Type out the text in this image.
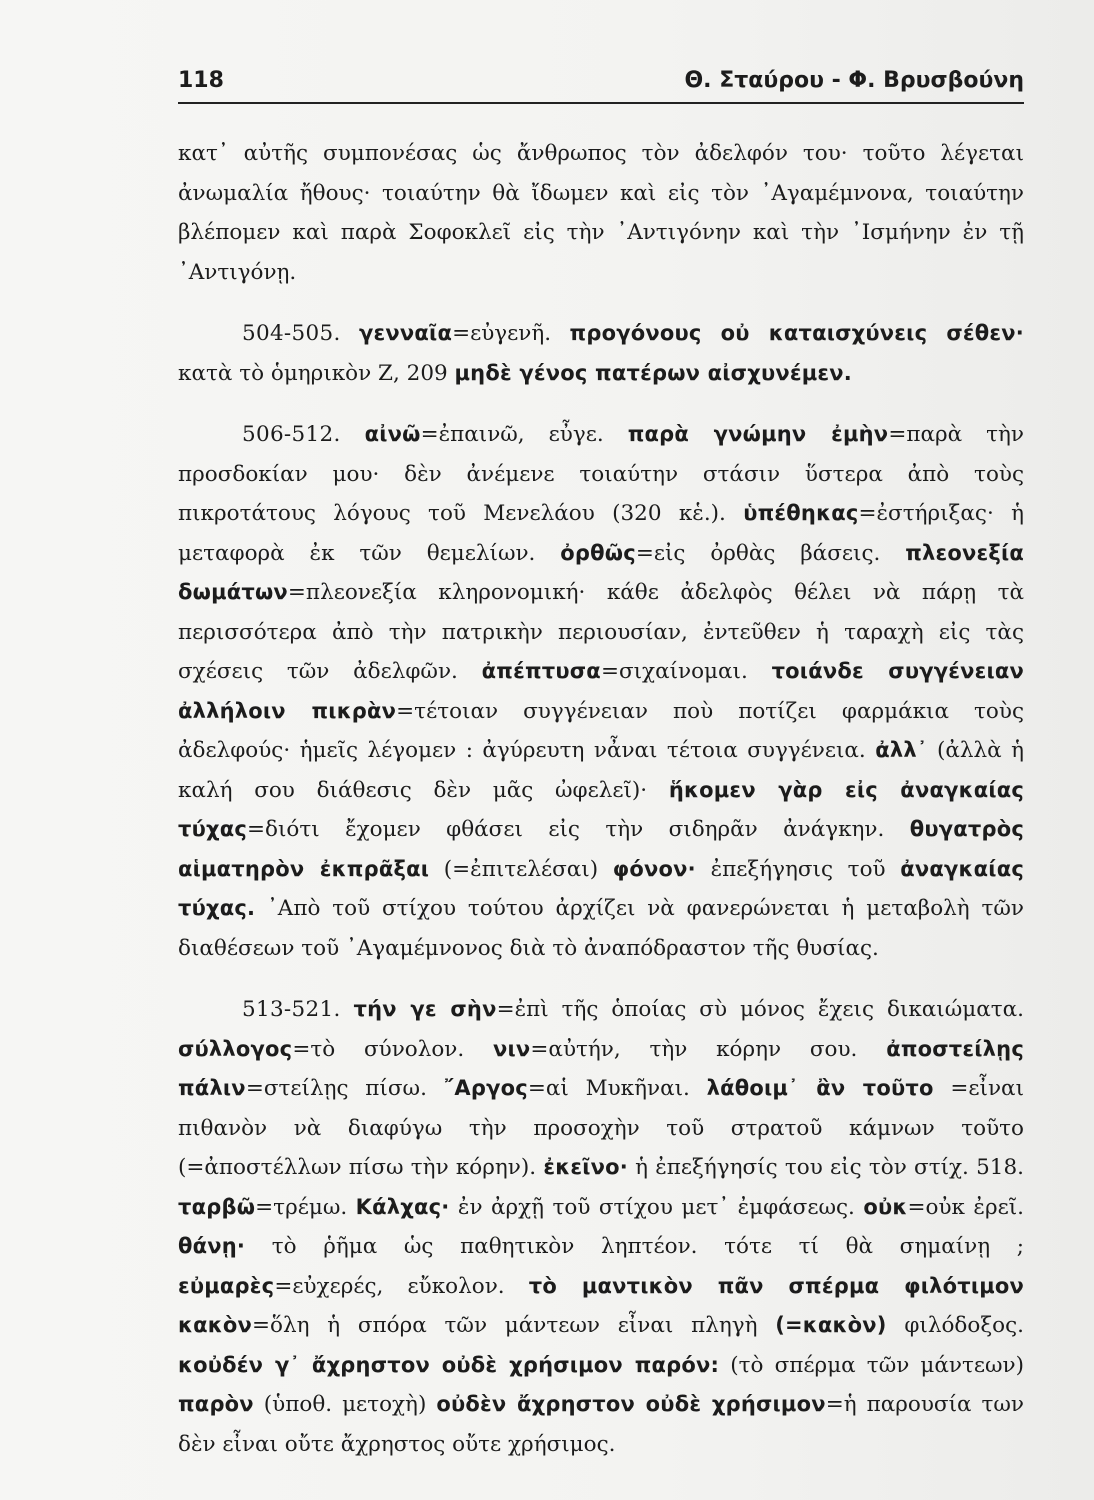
118	Θ. Σταύρου - Φ. Βρυσβούνη

κατ᾽ αὐτῆς συμπονέσας ὡς ἄνθρωπος τὸν ἀδελφόν του· τοῦτο λέγεται ἀνωμαλία ἤθους· τοιαύτην θὰ ἴδωμεν καὶ εἰς τὸν ᾿Αγαμέμνονα, τοιαύτην βλέπομεν καὶ παρὰ Σοφοκλεῖ εἰς τὴν ᾿Αντιγόνην καὶ τὴν ᾿Ισμήνην ἐν τῇ ᾿Αντιγόνῃ.

504-505. γενναῖα=εὐγενῆ. προγόνους οὐ καταισχύνεις σέθεν· κατὰ τὸ ὁμηρικὸν Ζ, 209 μηδὲ γένος πατέρων αἰσχυνέμεν.

506-512. αἰνῶ=ἐπαινῶ, εὖγε. παρὰ γνώμην ἐμὴν=παρὰ τὴν προσδοκίαν μου· δὲν ἀνέμενε τοιαύτην στάσιν ὕστερα ἀπὸ τοὺς πικροτάτους λόγους τοῦ Μενελάου (320 κἑ.). ὑπέθηκας=ἐστήριξας· ἡ μεταφορὰ ἐκ τῶν θεμελίων. ὀρθῶς=εἰς ὀρθὰς βάσεις. πλεονεξία δωμάτων=πλεονεξία κληρονομική· κάθε ἀδελφὸς θέλει νὰ πάρῃ τὰ περισσότερα ἀπὸ τὴν πατρικὴν περιουσίαν, ἐντεῦθεν ἡ ταραχὴ εἰς τὰς σχέσεις τῶν ἀδελφῶν. ἀπέπτυσα=σιχαίνομαι. τοιάνδε συγγένειαν ἀλλήλοιν πικρὰν=τέτοιαν συγγένειαν ποὺ ποτίζει φαρμάκια τοὺς ἀδελφούς· ἡμεῖς λέγομεν : ἀγύρευτη νἆναι τέτοια συγγένεια. ἀλλ᾽ (ἀλλὰ ἡ καλή σου διάθεσις δὲν μᾶς ὠφελεῖ)· ἥκομεν γὰρ εἰς ἀναγκαίας τύχας=διότι ἔχομεν φθάσει εἰς τὴν σιδηρᾶν ἀνάγκην. θυγατρὸς αἱματηρὸν ἐκπρᾶξαι (=ἐπιτελέσαι) φόνον· ἐπεξήγησις τοῦ ἀναγκαίας τύχας. ᾿Απὸ τοῦ στίχου τούτου ἀρχίζει νὰ φανερώνεται ἡ μεταβολὴ τῶν διαθέσεων τοῦ ᾿Αγαμέμνονος διὰ τὸ ἀναπόδραστον τῆς θυσίας.

513-521. τήν γε σὴν=ἐπὶ τῆς ὁποίας σὺ μόνος ἔχεις δικαιώματα. σύλλογος=τὸ σύνολον. νιν=αὐτήν, τὴν κόρην σου. ἀποστείλῃς πάλιν=στείλῃς πίσω. ῎Αργος=αἱ Μυκῆναι. λάθοιμ᾽ ἂν τοῦτο =εἶναι πιθανὸν νὰ διαφύγω τὴν προσοχὴν τοῦ στρατοῦ κάμνων τοῦτο (=ἀποστέλλων πίσω τὴν κόρην). ἐκεῖνο· ἡ ἐπεξήγησίς του εἰς τὸν στίχ. 518. ταρβῶ=τρέμω. Κάλχας· ἐν ἀρχῇ τοῦ στίχου μετ᾽ ἐμφάσεως. οὐκ=οὐκ ἐρεῖ. θάνῃ· τὸ ῥῆμα ὡς παθητικὸν ληπτέον. τότε τί θὰ σημαίνῃ ; εὐμαρὲς=εὐχερές, εὔκολον. τὸ μαντικὸν πᾶν σπέρμα φιλότιμον κακὸν=ὅλη ἡ σπόρα τῶν μάντεων εἶναι πληγὴ (=κακὸν) φιλόδοξος. κοὐδέν γ᾽ ἄχρηστον οὐδὲ χρήσιμον παρόν: (τὸ σπέρμα τῶν μάντεων) παρὸν (ὑποθ. μετοχὴ) οὐδὲν ἄχρηστον οὐδὲ χρήσιμον=ἡ παρουσία των δὲν εἶναι οὔτε ἄχρηστος οὔτε χρήσιμος.
